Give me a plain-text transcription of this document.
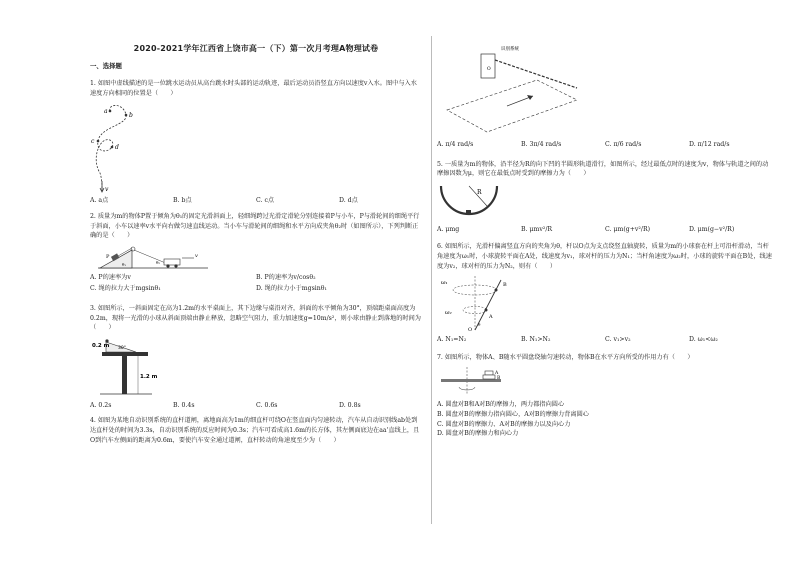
2020-2021学年江西省上饶市高一（下）第一次月考理A物理试卷
一、选择题
1. 如图中虚线描述的是一位跳水运动员从高台跳水时头部的运动轨迹，最后运动员沿竖直方向以速度v入水。图中与入水速度方向相同的位置是（　　）
a
b
c
d
v
A. a点	B. b点	C. c点	D. d点
2. 质量为m的物体P置于倾角为θ₁的固定光滑斜面上，轻细绳跨过光滑定滑轮分别连接着P与小车，P与滑轮间的细绳平行于斜面，小车以速率v水平向右做匀速直线运动。当小车与滑轮间的细绳和水平方向成夹角θ₂时（如图所示），下列判断正确的是（　　）
P
θ₁	θ₂
v
A. P的速率为v	B. P的速率为v/cosθ₂
C. 绳的拉力大于mgsinθ₁	D. 绳的拉力小于mgsinθ₁
3. 如图所示，一斜面固定在高为1.2m的水平桌面上，其下边缘与桌沿对齐，斜面的水平倾角为30°，顶端距桌面高度为0.2m，现将一光滑的小球从斜面顶端由静止释放，忽略空气阻力，重力加速度g=10m/s²，则小球由静止到落地的时间为（　　）
0.2 m 30°
1.2 m
A. 0.2s	B. 0.4s	C. 0.6s	D. 0.8s
4. 如图为某地自动识别系统的直杆道闸，离地面高为1m的细直杆可绕O在竖直面内匀速转动，汽车从自动识别线ab处到达直杆处的时间为3.3s，自动识别系统的反应时间为0.3s；汽车可看成高1.6m的长方体，其左侧面底边在aa'直线上，且O到汽车左侧面的距离为0.6m，要使汽车安全通过道闸，直杆转动的角速度至少为（　　）
识别系统
O
A. π/4 rad/s	B. 3π/4 rad/s	C. π/6 rad/s	D. π/12 rad/s
5. 一质量为m的物体，沿半径为R的向下凹的半圆形轨道滑行，如图所示，经过最低点时的速度为v，物体与轨道之间的动摩擦因数为μ，则它在最低点时受到的摩擦力为（　　）
R
A. μmg	B. μmv²/R	C. μm(g+v²/R)	D. μm(g−v²/R)
6. 如图所示，光滑杆偏离竖直方向的夹角为θ，杆以O点为支点绕竖直轴旋转，质量为m的小球套在杆上可沿杆滑动，当杆角速度为ω₁时，小球旋转平面在A处，线速度为v₁，球对杆的压力为N₁；当杆角速度为ω₂时，小球的旋转平面在B处，线速度为v₂，球对杆的压力为N₂，则有（　　）
ω₁
ω₂
A
B
O
θ
A. N₁=N₂	B. N₁>N₂	C. v₁>v₂	D. ω₁<ω₂
7. 如图所示，物体A、B随水平圆盘绕轴匀速转动，物体B在水平方向所受的作用力有（　　）
A
B
A. 圆盘对B和A对B的摩擦力，两力都指向圆心
B. 圆盘对B的摩擦力指向圆心，A对B的摩擦力背离圆心
C. 圆盘对B的摩擦力、A对B的摩擦力以及向心力
D. 圆盘对B的摩擦力和向心力
